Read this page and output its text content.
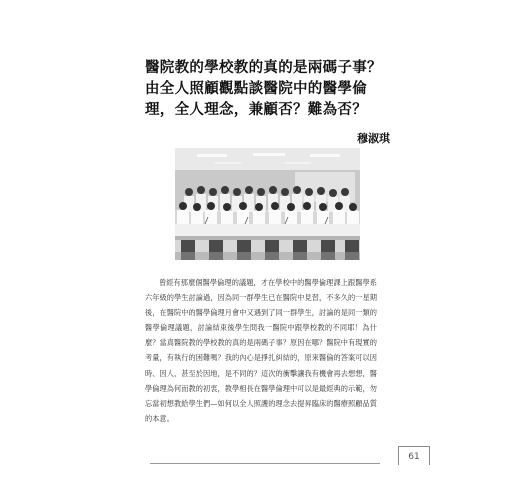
醫院教的學校教的真的是兩碼子事？由全人照顧觀點談醫院中的醫學倫理，全人理念，兼顧否？難為否？
穆淑琪

曾經有那麼個醫學倫理的議題，才在學校中的醫學倫理課上跟醫學系六年級的學生討論過，因為同一群學生已在醫院中見習，不多久的一星期後，在醫院中的醫學倫理月會中又遇到了同一群學生，討論的是同一類的醫學倫理議題，討論結束後學生問我一醫院中跟學校教的不同耶！為什麼？當真醫院教的學校教的真的是兩碼子事？原因在哪？醫院中有現實的考量，有執行的困難嗎？我的內心是掙扎糾結的，原來醫倫的答案可以因時、因人、甚至於因地，是不同的？這次的衝擊讓我有機會再去想想，醫學倫理為何而教的初衷，教學相長在醫學倫理中可以是最經典的示範，勿忘當初想教給學生們—如何以全人照護的理念去提昇臨床的醫療照顧品質的本意。

61
